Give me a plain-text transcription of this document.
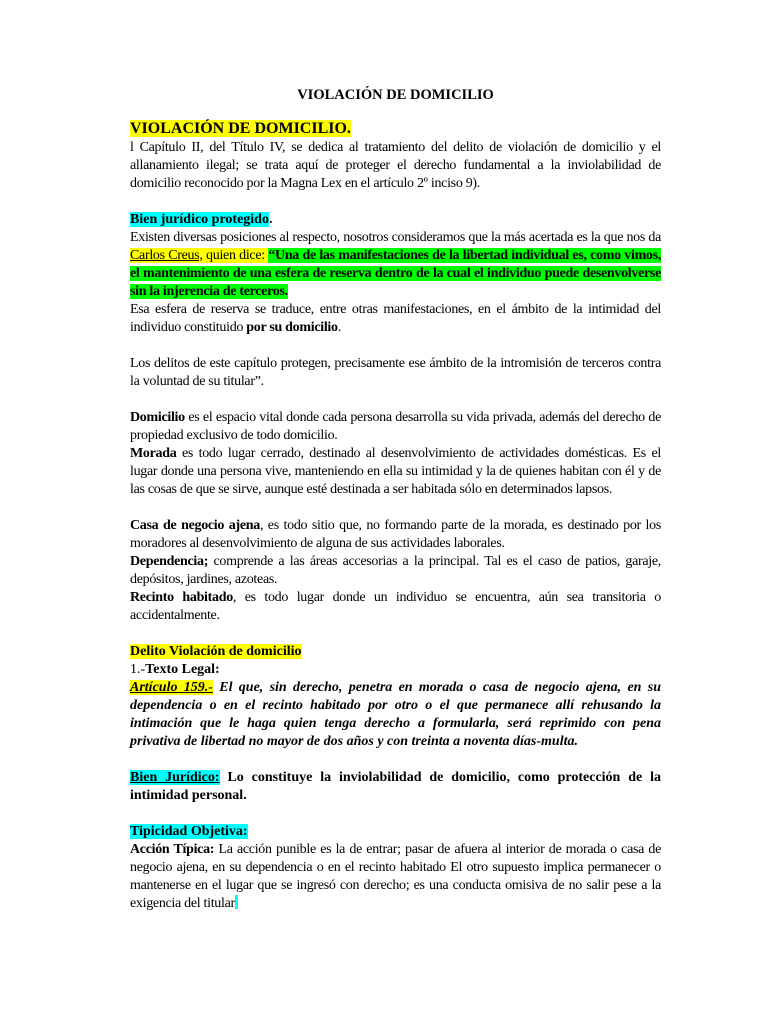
VIOLACIÓN DE DOMICILIO

VIOLACIÓN DE DOMICILIO.

l Capítulo II, del Título IV, se dedica al tratamiento del delito de violación de domicilio y el allanamiento ilegal; se trata aquí de proteger el derecho fundamental a la inviolabilidad de domicilio reconocido por la Magna Lex en el artículo 2º inciso 9).

Bien jurídico protegido.

Existen diversas posiciones al respecto, nosotros consideramos que la más acertada es la que nos da Carlos Creus, quien dice: “Una de las manifestaciones de la libertad individual es, como vimos, el mantenimiento de una esfera de reserva dentro de la cual el individuo puede desenvolverse sin la injerencia de terceros.

Esa esfera de reserva se traduce, entre otras manifestaciones, en el ámbito de la intimidad del individuo constituido por su domicilio.

Los delitos de este capítulo protegen, precisamente ese ámbito de la intromisión de terceros contra la voluntad de su titular”.

Domicilio es el espacio vital donde cada persona desarrolla su vida privada, además del derecho de propiedad exclusivo de todo domicilio.

Morada es todo lugar cerrado, destinado al desenvolvimiento de actividades domésticas. Es el lugar donde una persona vive, manteniendo en ella su intimidad y la de quienes habitan con él y de las cosas de que se sirve, aunque esté destinada a ser habitada sólo en determinados lapsos.

Casa de negocio ajena, es todo sitio que, no formando parte de la morada, es destinado por los moradores al desenvolvimiento de alguna de sus actividades laborales.

Dependencia; comprende a las áreas accesorias a la principal. Tal es el caso de patios, garaje, depósitos, jardines, azoteas.

Recinto habitado, es todo lugar donde un individuo se encuentra, aún sea transitoria o accidentalmente.

Delito Violación de domicilio

1.-Texto Legal:

Artículo 159.- El que, sin derecho, penetra en morada o casa de negocio ajena, en su dependencia o en el recinto habitado por otro o el que permanece allí rehusando la intimación que le haga quien tenga derecho a formularla, será reprimido con pena privativa de libertad no mayor de dos años y con treinta a noventa días-multa.

Bien Jurídico: Lo constituye la inviolabilidad de domicilio, como protección de la intimidad personal.

Tipicidad Objetiva:

Acción Típica: La acción punible es la de entrar; pasar de afuera al interior de morada o casa de negocio ajena, en su dependencia o en el recinto habitado El otro supuesto implica permanecer o mantenerse en el lugar que se ingresó con derecho; es una conducta omisiva de no salir pese a la exigencia del titular
